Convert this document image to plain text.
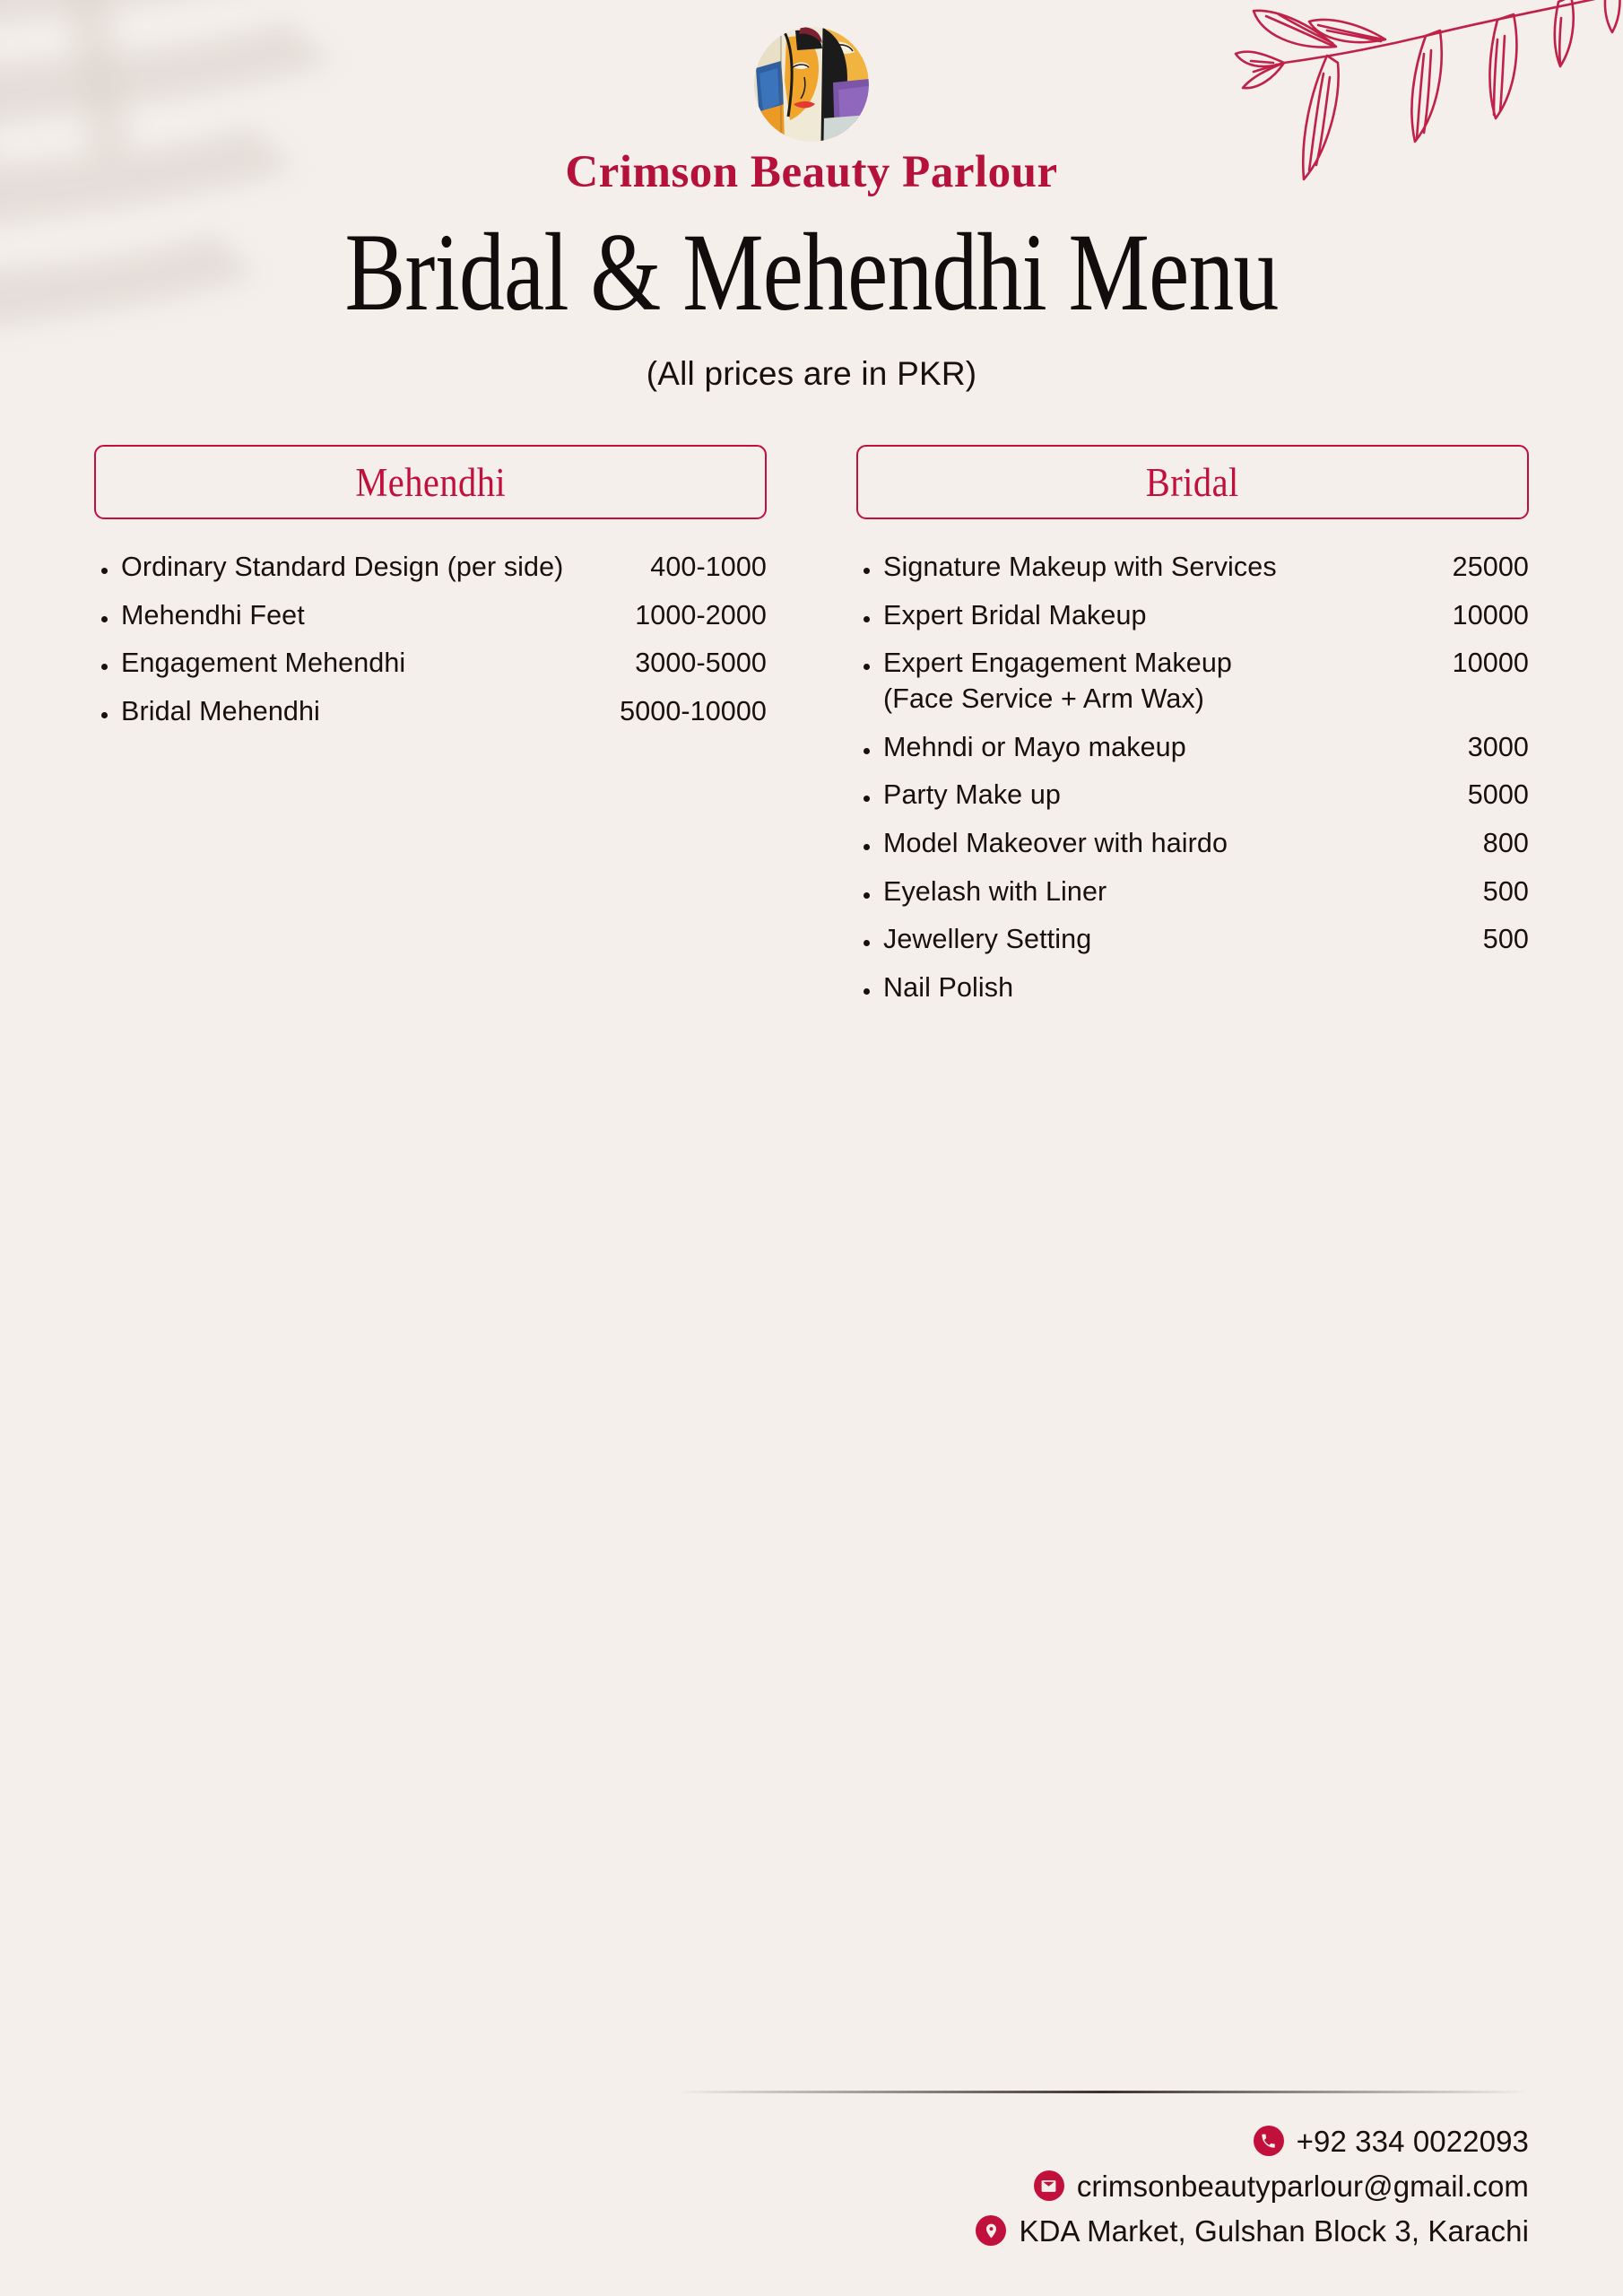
Crimson Beauty Parlour
Bridal & Mehendhi Menu
(All prices are in PKR)
Mehendhi
Ordinary Standard Design (per side)	400-1000
Mehendhi Feet	1000-2000
Engagement Mehendhi	3000-5000
Bridal Mehendhi	5000-10000
Bridal
Signature Makeup with Services	25000
Expert Bridal Makeup	10000
Expert Engagement Makeup
(Face Service + Arm Wax)
10000
Mehndi or Mayo makeup	3000
Party Make up	5000
Model Makeover with hairdo	800
Eyelash with Liner	500
Jewellery Setting	500
Nail Polish
+92 334 0022093
crimsonbeautyparlour@gmail.com
KDA Market, Gulshan Block 3, Karachi
